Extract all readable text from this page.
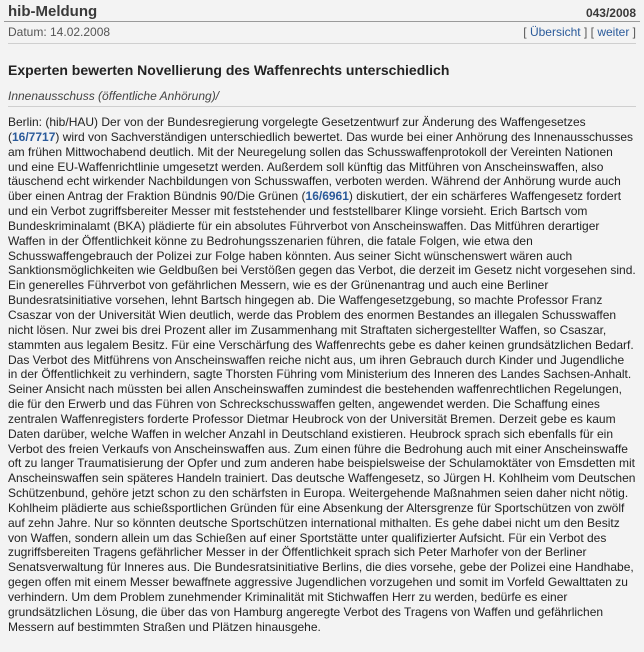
hib-Meldung	043/2008
Datum: 14.02.2008	[ Übersicht ] [ weiter ]
Experten bewerten Novellierung des Waffenrechts unterschiedlich
Innenausschuss (öffentliche Anhörung)/
Berlin: (hib/HAU) Der von der Bundesregierung vorgelegte Gesetzentwurf zur Änderung des Waffengesetzes (16/7717) wird von Sachverständigen unterschiedlich bewertet. Das wurde bei einer Anhörung des Innenausschusses am frühen Mittwochabend deutlich. Mit der Neuregelung sollen das Schusswaffenprotokoll der Vereinten Nationen und eine EU-Waffenrichtlinie umgesetzt werden. Außerdem soll künftig das Mitführen von Anscheinswaffen, also täuschend echt wirkender Nachbildungen von Schusswaffen, verboten werden. Während der Anhörung wurde auch über einen Antrag der Fraktion Bündnis 90/Die Grünen (16/6961) diskutiert, der ein schärferes Waffengesetz fordert und ein Verbot zugriffsbereiter Messer mit feststehender und feststellbarer Klinge vorsieht. Erich Bartsch vom Bundeskriminalamt (BKA) plädierte für ein absolutes Führverbot von Anscheinswaffen. Das Mitführen derartiger Waffen in der Öffentlichkeit könne zu Bedrohungsszenarien führen, die fatale Folgen, wie etwa den Schusswaffengebrauch der Polizei zur Folge haben könnten. Aus seiner Sicht wünschenswert wären auch Sanktionsmöglichkeiten wie Geldbußen bei Verstößen gegen das Verbot, die derzeit im Gesetz nicht vorgesehen sind. Ein generelles Führverbot von gefährlichen Messern, wie es der Grünenantrag und auch eine Berliner Bundesratsinitiative vorsehen, lehnt Bartsch hingegen ab. Die Waffengesetzgebung, so machte Professor Franz Csaszar von der Universität Wien deutlich, werde das Problem des enormen Bestandes an illegalen Schusswaffen nicht lösen. Nur zwei bis drei Prozent aller im Zusammenhang mit Straftaten sichergestellter Waffen, so Csaszar, stammten aus legalem Besitz. Für eine Verschärfung des Waffenrechts gebe es daher keinen grundsätzlichen Bedarf. Das Verbot des Mitführens von Anscheinswaffen reiche nicht aus, um ihren Gebrauch durch Kinder und Jugendliche in der Öffentlichkeit zu verhindern, sagte Thorsten Führing vom Ministerium des Inneren des Landes Sachsen-Anhalt. Seiner Ansicht nach müssten bei allen Anscheinswaffen zumindest die bestehenden waffenrechtlichen Regelungen, die für den Erwerb und das Führen von Schreckschusswaffen gelten, angewendet werden. Die Schaffung eines zentralen Waffenregisters forderte Professor Dietmar Heubrock von der Universität Bremen. Derzeit gebe es kaum Daten darüber, welche Waffen in welcher Anzahl in Deutschland existieren. Heubrock sprach sich ebenfalls für ein Verbot des freien Verkaufs von Anscheinswaffen aus. Zum einen führe die Bedrohung auch mit einer Anscheinswaffe oft zu langer Traumatisierung der Opfer und zum anderen habe beispielsweise der Schulamoktäter von Emsdetten mit Anscheinswaffen sein späteres Handeln trainiert. Das deutsche Waffengesetz, so Jürgen H. Kohlheim vom Deutschen Schützenbund, gehöre jetzt schon zu den schärfsten in Europa. Weitergehende Maßnahmen seien daher nicht nötig. Kohlheim plädierte aus schießsportlichen Gründen für eine Absenkung der Altersgrenze für Sportschützen von zwölf auf zehn Jahre. Nur so könnten deutsche Sportschützen international mithalten. Es gehe dabei nicht um den Besitz von Waffen, sondern allein um das Schießen auf einer Sportstätte unter qualifizierter Aufsicht. Für ein Verbot des zugriffsbereiten Tragens gefährlicher Messer in der Öffentlichkeit sprach sich Peter Marhofer von der Berliner Senatsverwaltung für Inneres aus. Die Bundesratsinitiative Berlins, die dies vorsehe, gebe der Polizei eine Handhabe, gegen offen mit einem Messer bewaffnete aggressive Jugendlichen vorzugehen und somit im Vorfeld Gewalttaten zu verhindern. Um dem Problem zunehmender Kriminalität mit Stichwaffen Herr zu werden, bedürfe es einer grundsätzlichen Lösung, die über das von Hamburg angeregte Verbot des Tragens von Waffen und gefährlichen Messern auf bestimmten Straßen und Plätzen hinausgehe.
